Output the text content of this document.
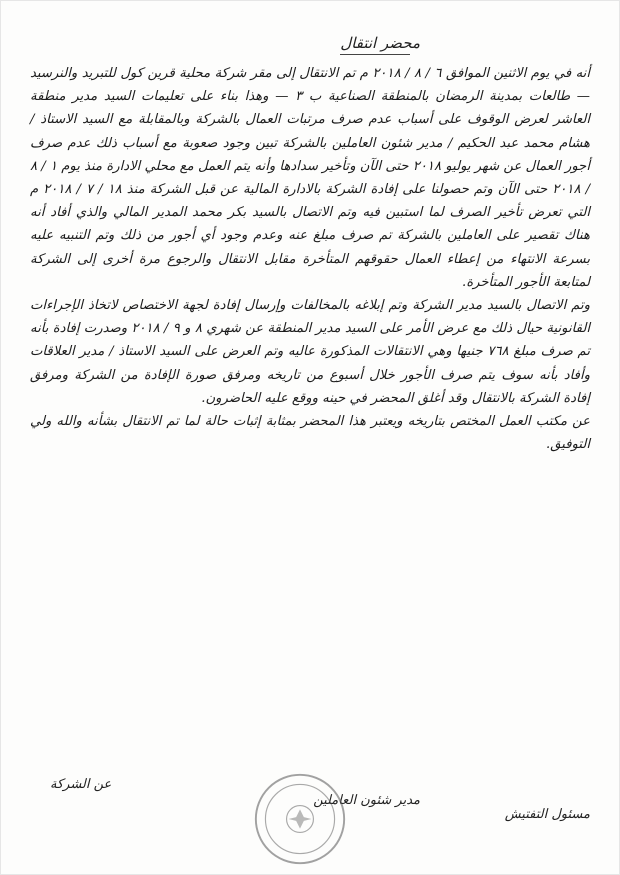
محضر انتقال

أنه في يوم الاثنين الموافق ٦ / ٨ / ٢٠١٨ م تم الانتقال إلى مقر شركة محلية قرين كول للتبريد والنرسيد — طالعات بمدينة الرمضان بالمنطقة الصناعية ب ٣ — وهذا بناء على تعليمات السيد مدير منطقة العاشر لعرض الوقوف على أسباب عدم صرف مرتبات العمال بالشركة وبالمقابلة مع السيد الاستاذ / هشام محمد عبد الحكيم / مدير شئون العاملين بالشركة تبين وجود صعوبة مع أسباب ذلك عدم صرف أجور العمال عن شهر يوليو ٢٠١٨ حتى الآن وتأخير سدادها وأنه يتم العمل مع محلي الادارة منذ يوم ١ / ٨ / ٢٠١٨ حتى الآن وتم حصولنا على إفادة الشركة بالادارة المالية عن قبل الشركة منذ ١٨ / ٧ / ٢٠١٨ م التي تعرض تأخير الصرف لما استبين فيه وتم الاتصال بالسيد بكر محمد المدير المالي والذي أفاد أنه هناك تقصير على العاملين بالشركة تم صرف مبلغ عنه وعدم وجود أي أجور من ذلك وتم التنبيه عليه بسرعة الانتهاء من إعطاء العمال حقوقهم المتأخرة مقابل الانتقال والرجوع مرة أخرى إلى الشركة لمتابعة الأجور المتأخرة.

وتم الاتصال بالسيد مدير الشركة وتم إبلاغه بالمخالفات وإرسال إفادة لجهة الاختصاص لاتخاذ الإجراءات القانونية حيال ذلك مع عرض الأمر على السيد مدير المنطقة عن شهري ٨ و ٩ / ٢٠١٨ وصدرت إفادة بأنه تم صرف مبلغ ٧٦٨ جنيها وهي الانتقالات المذكورة عاليه وتم العرض على السيد الاستاذ / مدير العلاقات وأفاد بأنه سوف يتم صرف الأجور خلال أسبوع من تاريخه ومرفق صورة الإفادة من الشركة ومرفق إفادة الشركة بالانتقال وقد أغلق المحضر في حينه ووقع عليه الحاضرون.

عن مكتب العمل المختص بتاريخه ويعتبر هذا المحضر بمثابة إثبات حالة لما تم الانتقال بشأنه والله ولي التوفيق.

مسئول التفتيش
مدير شئون العاملين
عن الشركة
